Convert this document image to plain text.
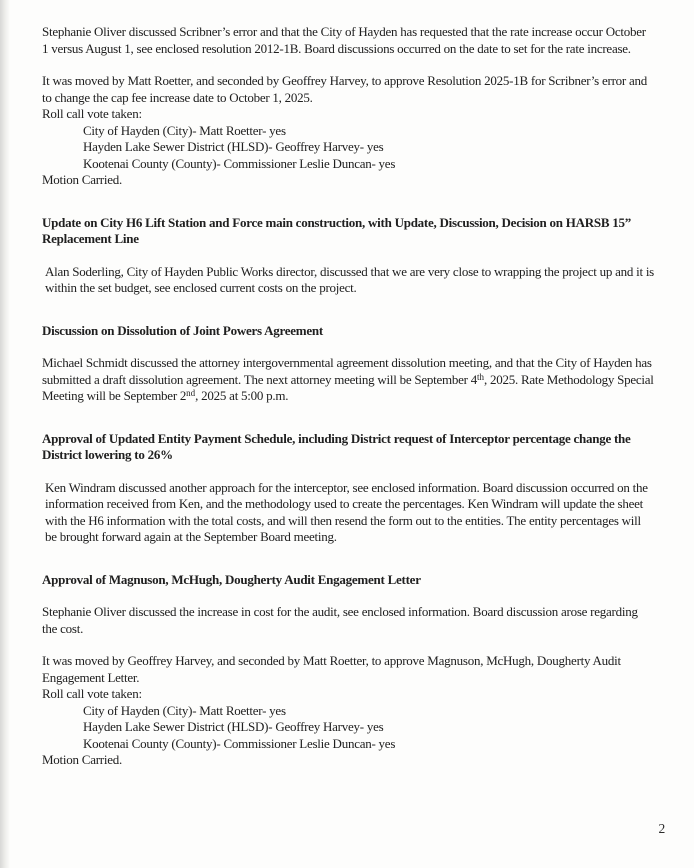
Stephanie Oliver discussed Scribner’s error and that the City of Hayden has requested that the rate increase occur October 1 versus August 1, see enclosed resolution 2012-1B. Board discussions occurred on the date to set for the rate increase.

It was moved by Matt Roetter, and seconded by Geoffrey Harvey, to approve Resolution 2025-1B for Scribner’s error and to change the cap fee increase date to October 1, 2025.

Roll call vote taken:
City of Hayden (City)- Matt Roetter- yes
Hayden Lake Sewer District (HLSD)- Geoffrey Harvey- yes
Kootenai County (County)- Commissioner Leslie Duncan- yes
Motion Carried.
Update on City H6 Lift Station and Force main construction, with Update, Discussion, Decision on HARSB 15” Replacement Line

Alan Soderling, City of Hayden Public Works director, discussed that we are very close to wrapping the project up and it is within the set budget, see enclosed current costs on the project.

Discussion on Dissolution of Joint Powers Agreement

Michael Schmidt discussed the attorney intergovernmental agreement dissolution meeting, and that the City of Hayden has submitted a draft dissolution agreement. The next attorney meeting will be September 4th, 2025. Rate Methodology Special Meeting will be September 2nd, 2025 at 5:00 p.m.

Approval of Updated Entity Payment Schedule, including District request of Interceptor percentage change the District lowering to 26%

Ken Windram discussed another approach for the interceptor, see enclosed information. Board discussion occurred on the information received from Ken, and the methodology used to create the percentages. Ken Windram will update the sheet with the H6 information with the total costs, and will then resend the form out to the entities. The entity percentages will be brought forward again at the September Board meeting.

Approval of Magnuson, McHugh, Dougherty Audit Engagement Letter

Stephanie Oliver discussed the increase in cost for the audit, see enclosed information. Board discussion arose regarding the cost.

It was moved by Geoffrey Harvey, and seconded by Matt Roetter, to approve Magnuson, McHugh, Dougherty Audit Engagement Letter.

Roll call vote taken:
City of Hayden (City)- Matt Roetter- yes
Hayden Lake Sewer District (HLSD)- Geoffrey Harvey- yes
Kootenai County (County)- Commissioner Leslie Duncan- yes
Motion Carried.
2
